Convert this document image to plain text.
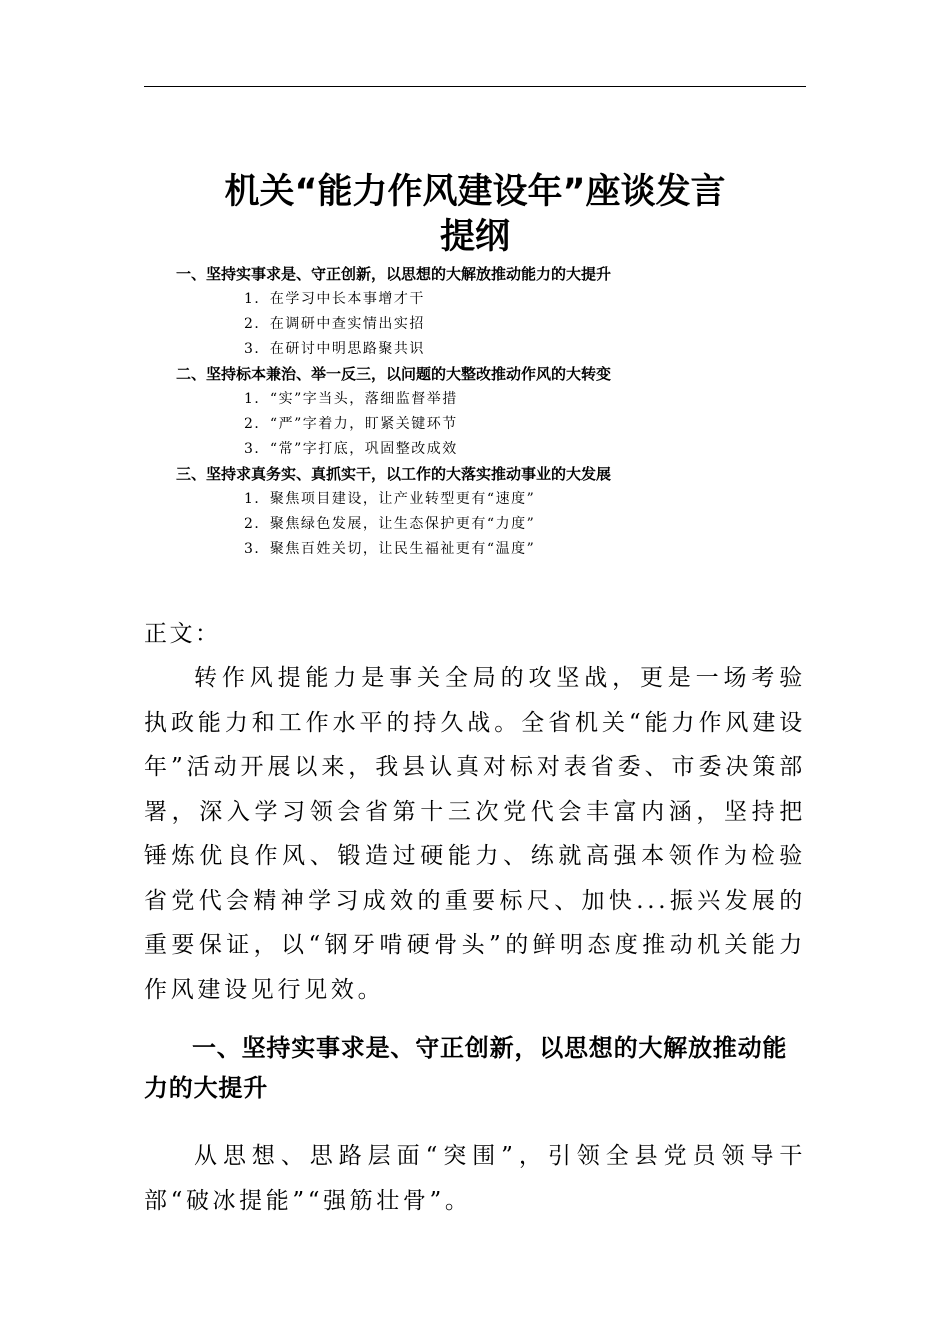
机关“能力作风建设年”座谈发言
提纲
一、坚持实事求是、守正创新，以思想的大解放推动能力的大提升
1．在学习中长本事增才干
2．在调研中查实情出实招
3．在研讨中明思路聚共识
二、坚持标本兼治、举一反三，以问题的大整改推动作风的大转变
1．“实”字当头，落细监督举措
2．“严”字着力，盯紧关键环节
3．“常”字打底，巩固整改成效
三、坚持求真务实、真抓实干，以工作的大落实推动事业的大发展
1．聚焦项目建设，让产业转型更有“速度”
2．聚焦绿色发展，让生态保护更有“力度”
3．聚焦百姓关切，让民生福祉更有“温度”
正文：
转作风提能力是事关全局的攻坚战，更是一场考验执政能力和工作水平的持久战。全省机关“能力作风建设年”活动开展以来，我县认真对标对表省委、市委决策部署，深入学习领会省第十三次党代会丰富内涵，坚持把锤炼优良作风、锻造过硬能力、练就高强本领作为检验省党代会精神学习成效的重要标尺、加快...振兴发展的重要保证，以“钢牙啃硬骨头”的鲜明态度推动机关能力作风建设见行见效。
一、坚持实事求是、守正创新，以思想的大解放推动能力的大提升
从思想、思路层面“突围”，引领全县党员领导干部“破冰提能”“强筋壮骨”。
